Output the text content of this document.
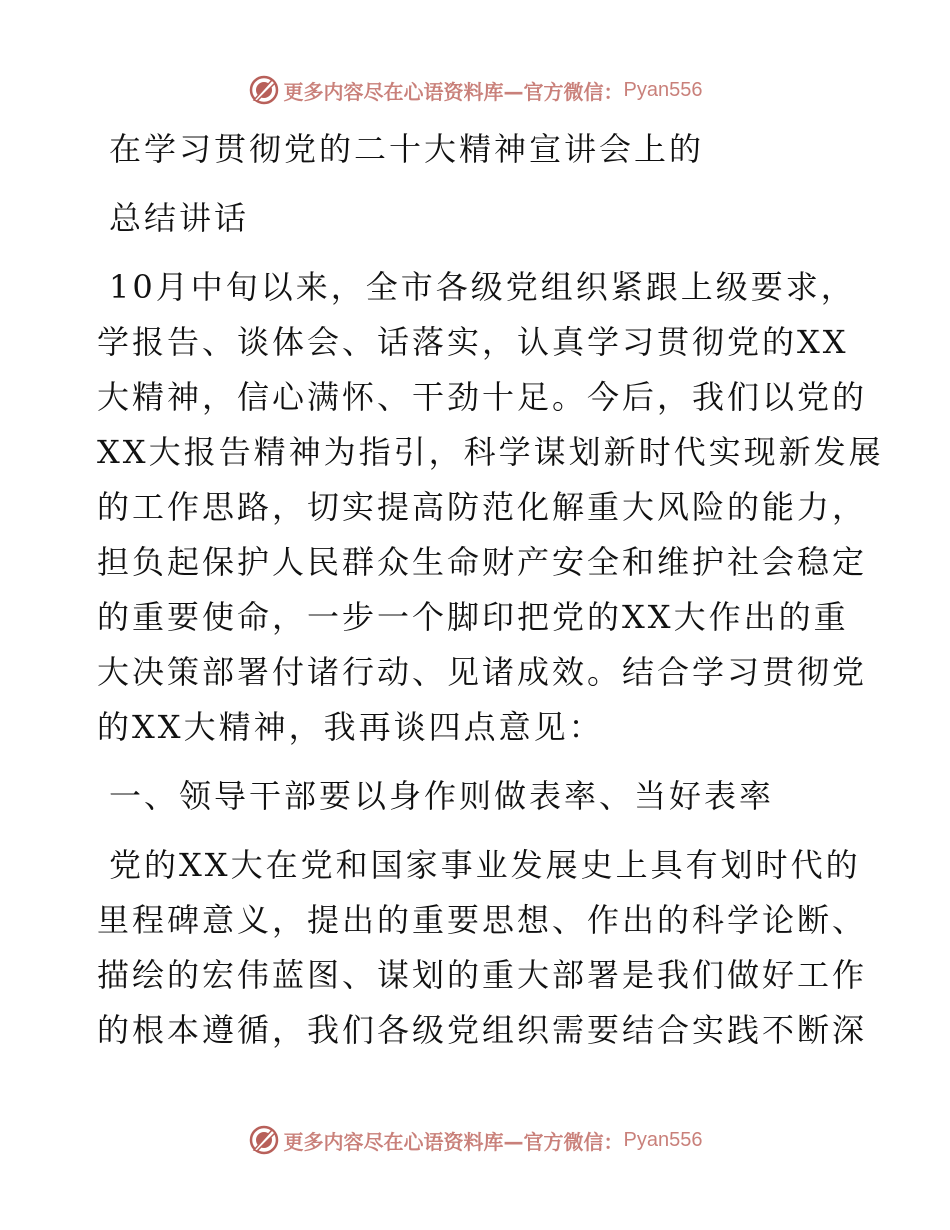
更多内容尽在心语资料库—官方微信： Pyan556
在学习贯彻党的二十大精神宣讲会上的
总结讲话
10月中旬以来，全市各级党组织紧跟上级要求，
学报告、谈体会、话落实，认真学习贯彻党的XX
大精神，信心满怀、干劲十足。今后，我们以党的
XX大报告精神为指引，科学谋划新时代实现新发展
的工作思路，切实提高防范化解重大风险的能力，
担负起保护人民群众生命财产安全和维护社会稳定
的重要使命，一步一个脚印把党的XX大作出的重
大决策部署付诸行动、见诸成效。结合学习贯彻党
的XX大精神，我再谈四点意见：
一、领导干部要以身作则做表率、当好表率
党的XX大在党和国家事业发展史上具有划时代的
里程碑意义，提出的重要思想、作出的科学论断、
描绘的宏伟蓝图、谋划的重大部署是我们做好工作
的根本遵循，我们各级党组织需要结合实践不断深
更多内容尽在心语资料库—官方微信： Pyan556
